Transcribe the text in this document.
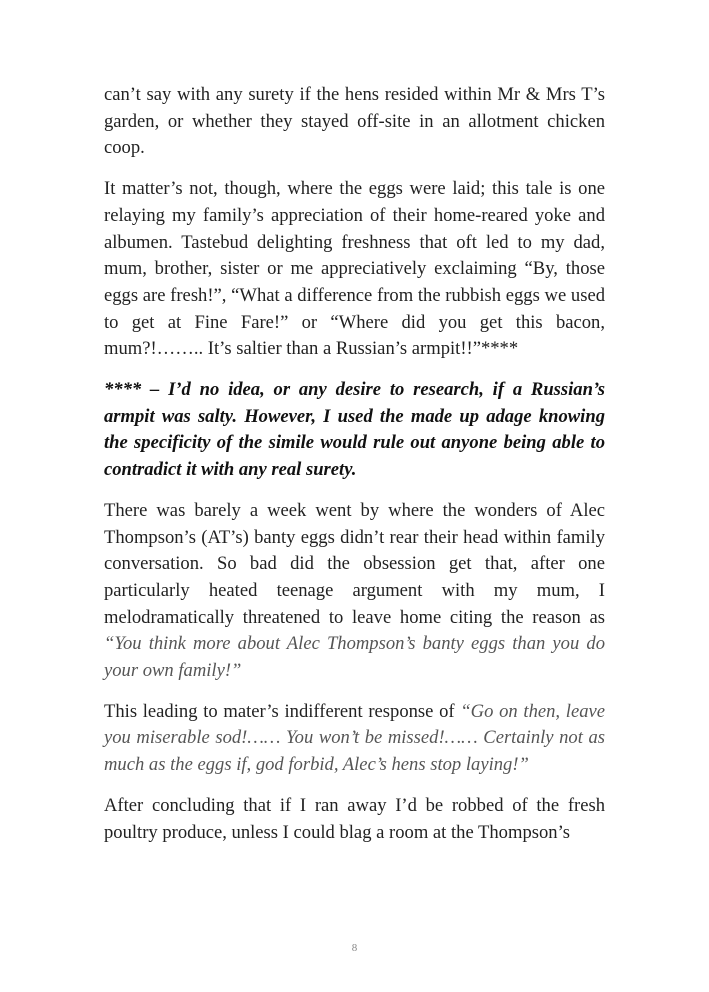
can’t say with any surety if the hens resided within Mr & Mrs T’s garden, or whether they stayed off-site in an allotment chicken coop.

It matter’s not, though, where the eggs were laid; this tale is one relaying my family’s appreciation of their home-reared yoke and albumen. Tastebud delighting freshness that oft led to my dad, mum, brother, sister or me appreciatively exclaiming “By, those eggs are fresh!”, “What a difference from the rubbish eggs we used to get at Fine Fare!” or “Where did you get this bacon, mum?!…….. It’s saltier than a Russian’s armpit!!”****

**** – I’d no idea, or any desire to research, if a Russian’s armpit was salty. However, I used the made up adage knowing the specificity of the simile would rule out anyone being able to contradict it with any real surety.

There was barely a week went by where the wonders of Alec Thompson’s (AT’s) banty eggs didn’t rear their head within family conversation. So bad did the obsession get that, after one particularly heated teenage argument with my mum, I melodramatically threatened to leave home citing the reason as “You think more about Alec Thompson’s banty eggs than you do your own family!”

This leading to mater’s indifferent response of “Go on then, leave you miserable sod!…… You won’t be missed!…… Certainly not as much as the eggs if, god forbid, Alec’s hens stop laying!”

After concluding that if I ran away I’d be robbed of the fresh poultry produce, unless I could blag a room at the Thompson’s

8
